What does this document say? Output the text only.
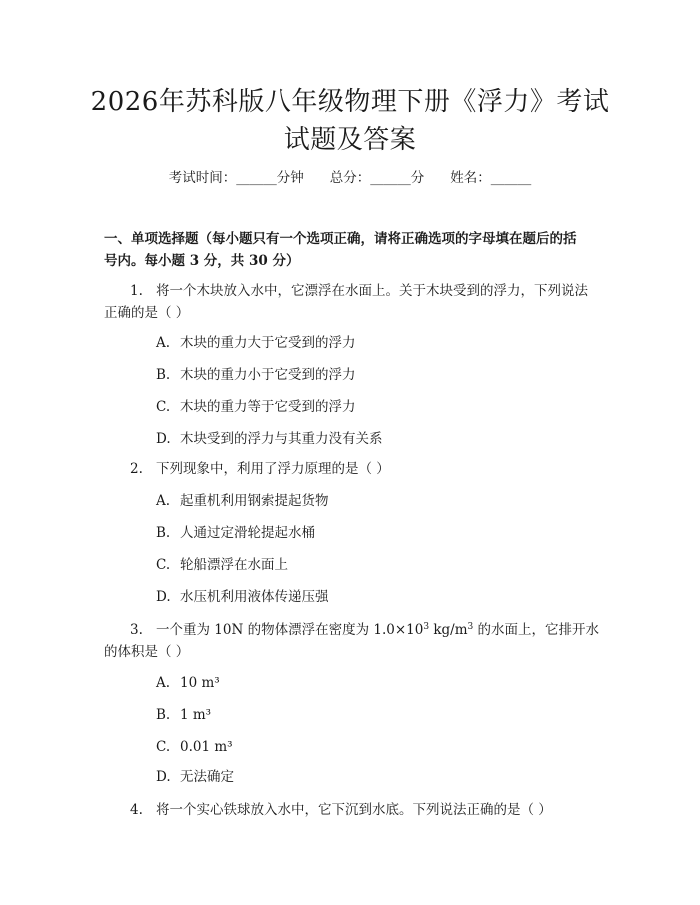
2026年苏科版八年级物理下册《浮力》考试
试题及答案
考试时间：______分钟 总分：______分 姓名：______
一、单项选择题（每小题只有一个选项正确，请将正确选项的字母填在题后的括
号内。每小题 3 分，共 30 分）
1. 将一个木块放入水中，它漂浮在水面上。关于木块受到的浮力，下列说法
正确的是（ ）
A. 木块的重力大于它受到的浮力
B. 木块的重力小于它受到的浮力
C. 木块的重力等于它受到的浮力
D. 木块受到的浮力与其重力没有关系
2. 下列现象中，利用了浮力原理的是（ ）
A. 起重机利用钢索提起货物
B. 人通过定滑轮提起水桶
C. 轮船漂浮在水面上
D. 水压机利用液体传递压强
3. 一个重为 10N 的物体漂浮在密度为 $1.0\times 10^3$ $kg/m^3$ 的水面上，它排开水
的体积是（ ）
A. 10 m³
B. 1 m³
C. 0.01 m³
D. 无法确定
4. 将一个实心铁球放入水中，它下沉到水底。下列说法正确的是（ ）
